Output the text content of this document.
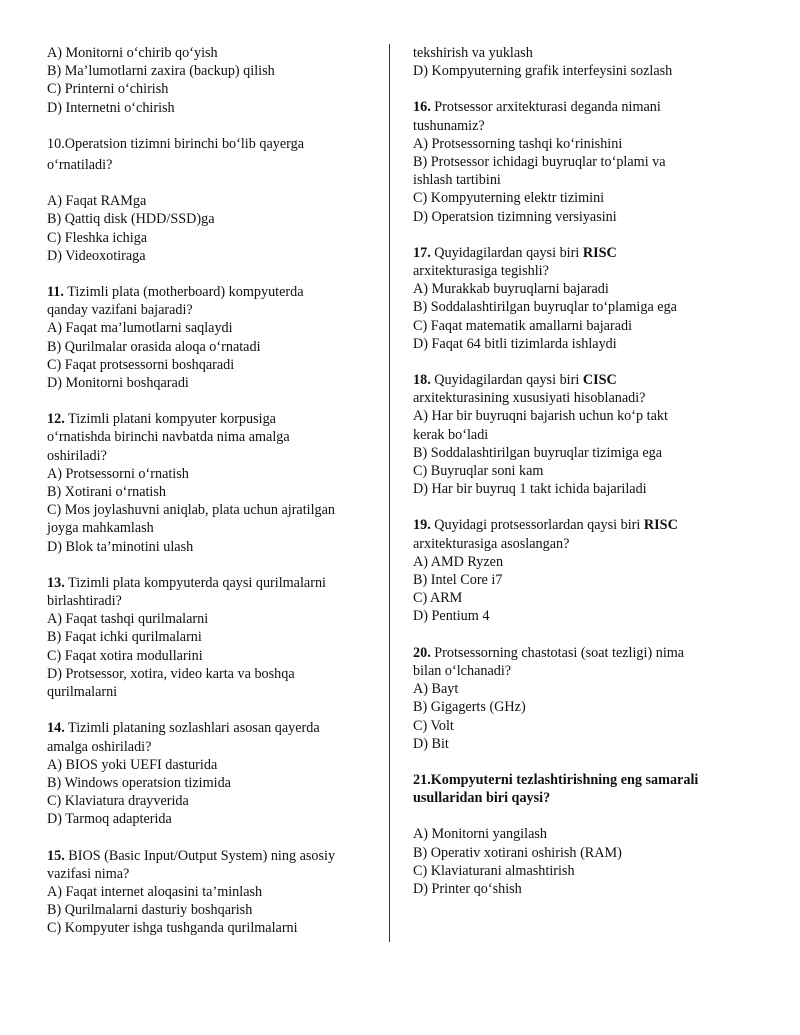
A) Monitorni o‘chirib qo‘yish
B) Ma’lumotlarni zaxira (backup) qilish
C) Printerni o‘chirish
D) Internetni o‘chirish
10.Operatsion tizimni birinchi bo‘lib qayerga
o‘rnatiladi?
A) Faqat RAMga
B) Qattiq disk (HDD/SSD)ga
C) Fleshka ichiga
D) Videoxotiraga
11. Tizimli plata (motherboard) kompyuterda
qanday vazifani bajaradi?
A) Faqat ma’lumotlarni saqlaydi
B) Qurilmalar orasida aloqa o‘rnatadi
C) Faqat protsessorni boshqaradi
D) Monitorni boshqaradi
12. Tizimli platani kompyuter korpusiga
o‘rnatishda birinchi navbatda nima amalga
oshiriladi?
A) Protsessorni o‘rnatish
B) Xotirani o‘rnatish
C) Mos joylashuvni aniqlab, plata uchun ajratilgan
joyga mahkamlash
D) Blok ta’minotini ulash
13. Tizimli plata kompyuterda qaysi qurilmalarni
birlashtiradi?
A) Faqat tashqi qurilmalarni
B) Faqat ichki qurilmalarni
C) Faqat xotira modullarini
D) Protsessor, xotira, video karta va boshqa
qurilmalarni
14. Tizimli plataning sozlashlari asosan qayerda
amalga oshiriladi?
A) BIOS yoki UEFI dasturida
B) Windows operatsion tizimida
C) Klaviatura drayverida
D) Tarmoq adapterida
15. BIOS (Basic Input/Output System) ning asosiy
vazifasi nima?
A) Faqat internet aloqasini ta’minlash
B) Qurilmalarni dasturiy boshqarish
C) Kompyuter ishga tushganda qurilmalarni
tekshirish va yuklash
D) Kompyuterning grafik interfeysini sozlash
16. Protsessor arxitekturasi deganda nimani
tushunamiz?
A) Protsessorning tashqi ko‘rinishini
B) Protsessor ichidagi buyruqlar to‘plami va
ishlash tartibini
C) Kompyuterning elektr tizimini
D) Operatsion tizimning versiyasini
17. Quyidagilardan qaysi biri RISC
arxitekturasiga tegishli?
A) Murakkab buyruqlarni bajaradi
B) Soddalashtirilgan buyruqlar to‘plamiga ega
C) Faqat matematik amallarni bajaradi
D) Faqat 64 bitli tizimlarda ishlaydi
18. Quyidagilardan qaysi biri CISC
arxitekturasining xususiyati hisoblanadi?
A) Har bir buyruqni bajarish uchun ko‘p takt
kerak bo‘ladi
B) Soddalashtirilgan buyruqlar tizimiga ega
C) Buyruqlar soni kam
D) Har bir buyruq 1 takt ichida bajariladi
19. Quyidagi protsessorlardan qaysi biri RISC
arxitekturasiga asoslangan?
A) AMD Ryzen
B) Intel Core i7
C) ARM
D) Pentium 4
20. Protsessorning chastotasi (soat tezligi) nima
bilan o‘lchanadi?
A) Bayt
B) Gigagerts (GHz)
C) Volt
D) Bit
21.Kompyuterni tezlashtirishning eng samarali
usullaridan biri qaysi?
A) Monitorni yangilash
B) Operativ xotirani oshirish (RAM)
C) Klaviaturani almashtirish
D) Printer qo‘shish
